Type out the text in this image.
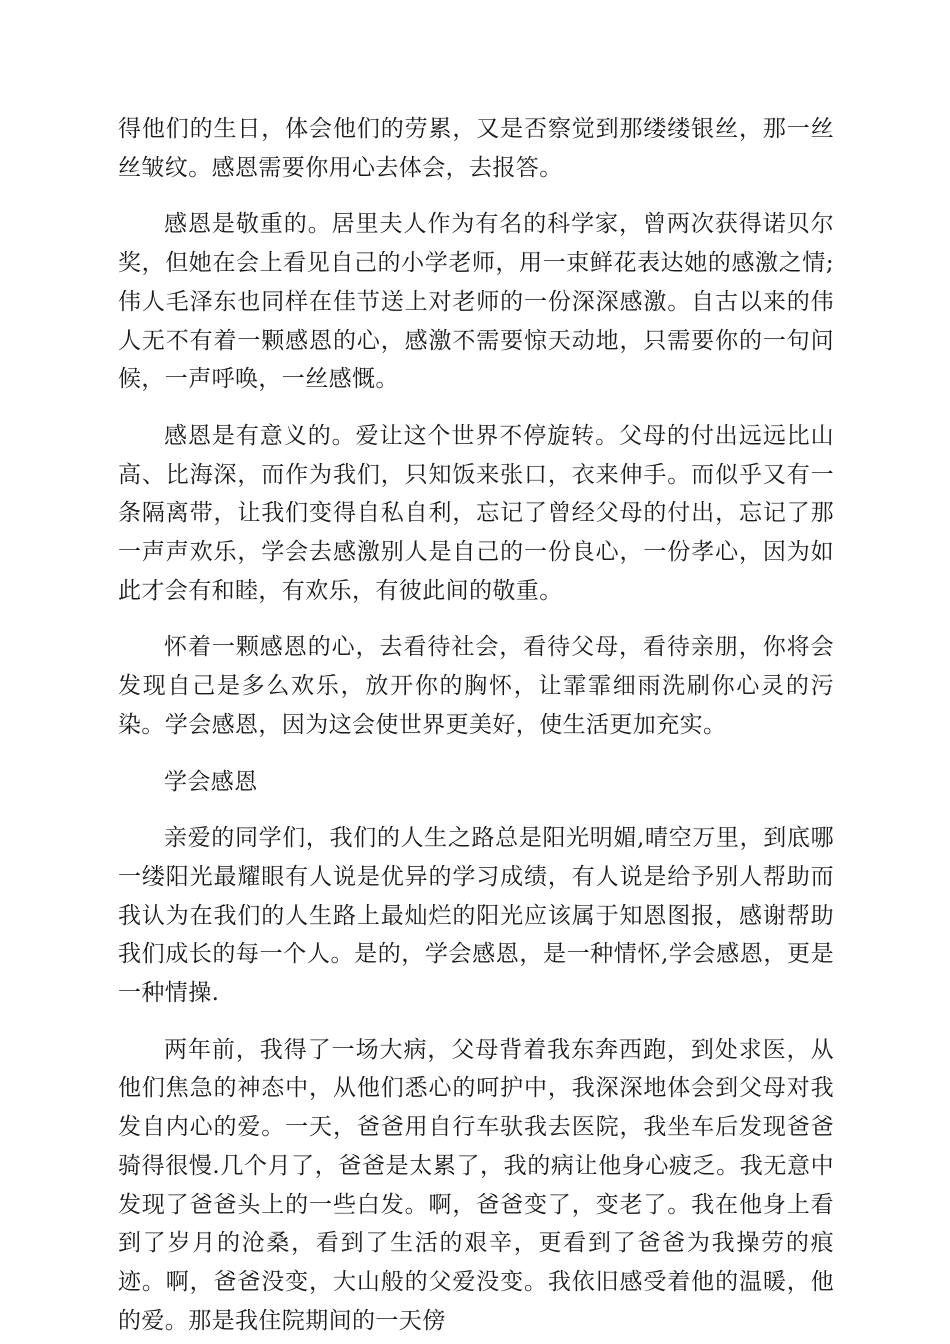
得他们的生日，体会他们的劳累，又是否察觉到那缕缕银丝，那一丝丝皱纹。感恩需要你用心去体会，去报答。

感恩是敬重的。居里夫人作为有名的科学家，曾两次获得诺贝尔奖，但她在会上看见自己的小学老师，用一束鲜花表达她的感激之情;伟人毛泽东也同样在佳节送上对老师的一份深深感激。自古以来的伟人无不有着一颗感恩的心，感激不需要惊天动地，只需要你的一句问候，一声呼唤，一丝感慨。

感恩是有意义的。爱让这个世界不停旋转。父母的付出远远比山高、比海深，而作为我们，只知饭来张口，衣来伸手。而似乎又有一条隔离带，让我们变得自私自利，忘记了曾经父母的付出，忘记了那一声声欢乐，学会去感激别人是自己的一份良心，一份孝心，因为如此才会有和睦，有欢乐，有彼此间的敬重。

怀着一颗感恩的心，去看待社会，看待父母，看待亲朋，你将会发现自己是多么欢乐，放开你的胸怀，让霏霏细雨洗刷你心灵的污染。学会感恩，因为这会使世界更美好，使生活更加充实。

学会感恩

亲爱的同学们，我们的人生之路总是阳光明媚,晴空万里，到底哪一缕阳光最耀眼有人说是优异的学习成绩，有人说是给予别人帮助而我认为在我们的人生路上最灿烂的阳光应该属于知恩图报，感谢帮助我们成长的每一个人。是的，学会感恩，是一种情怀,学会感恩，更是一种情操.

两年前，我得了一场大病，父母背着我东奔西跑，到处求医，从他们焦急的神态中，从他们悉心的呵护中，我深深地体会到父母对我发自内心的爱。一天，爸爸用自行车驮我去医院，我坐车后发现爸爸骑得很慢.几个月了，爸爸是太累了，我的病让他身心疲乏。我无意中发现了爸爸头上的一些白发。啊，爸爸变了，变老了。我在他身上看到了岁月的沧桑，看到了生活的艰辛，更看到了爸爸为我操劳的痕迹。啊，爸爸没变，大山般的父爱没变。我依旧感受着他的温暖，他的爱。那是我住院期间的一天傍
